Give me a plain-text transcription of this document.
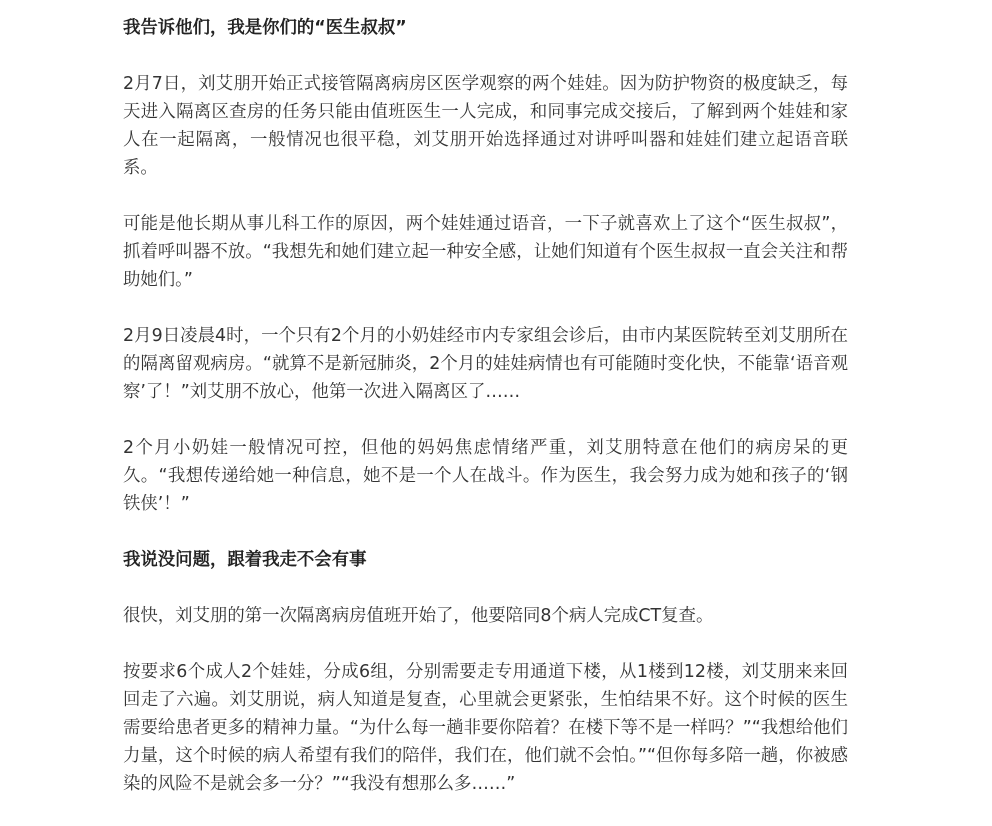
我告诉他们，我是你们的“医生叔叔”

2月7日，刘艾朋开始正式接管隔离病房区医学观察的两个娃娃。因为防护物资的极度缺乏，每天进入隔离区查房的任务只能由值班医生一人完成，和同事完成交接后，了解到两个娃娃和家人在一起隔离，一般情况也很平稳，刘艾朋开始选择通过对讲呼叫器和娃娃们建立起语音联系。

可能是他长期从事儿科工作的原因，两个娃娃通过语音，一下子就喜欢上了这个“医生叔叔”，抓着呼叫器不放。“我想先和她们建立起一种安全感，让她们知道有个医生叔叔一直会关注和帮助她们。”

2月9日凌晨4时，一个只有2个月的小奶娃经市内专家组会诊后，由市内某医院转至刘艾朋所在的隔离留观病房。“就算不是新冠肺炎，2个月的娃娃病情也有可能随时变化快，不能靠‘语音观察’了！”刘艾朋不放心，他第一次进入隔离区了……

2个月小奶娃一般情况可控，但他的妈妈焦虑情绪严重，刘艾朋特意在他们的病房呆的更久。“我想传递给她一种信息，她不是一个人在战斗。作为医生，我会努力成为她和孩子的‘钢铁侠’！”

我说没问题，跟着我走不会有事

很快，刘艾朋的第一次隔离病房值班开始了，他要陪同8个病人完成CT复查。

按要求6个成人2个娃娃，分成6组，分别需要走专用通道下楼，从1楼到12楼，刘艾朋来来回回走了六遍。刘艾朋说，病人知道是复查，心里就会更紧张，生怕结果不好。这个时候的医生需要给患者更多的精神力量。“为什么每一趟非要你陪着？在楼下等不是一样吗？”“我想给他们力量，这个时候的病人希望有我们的陪伴，我们在，他们就不会怕。”“但你每多陪一趟，你被感染的风险不是就会多一分？”“我没有想那么多……”
